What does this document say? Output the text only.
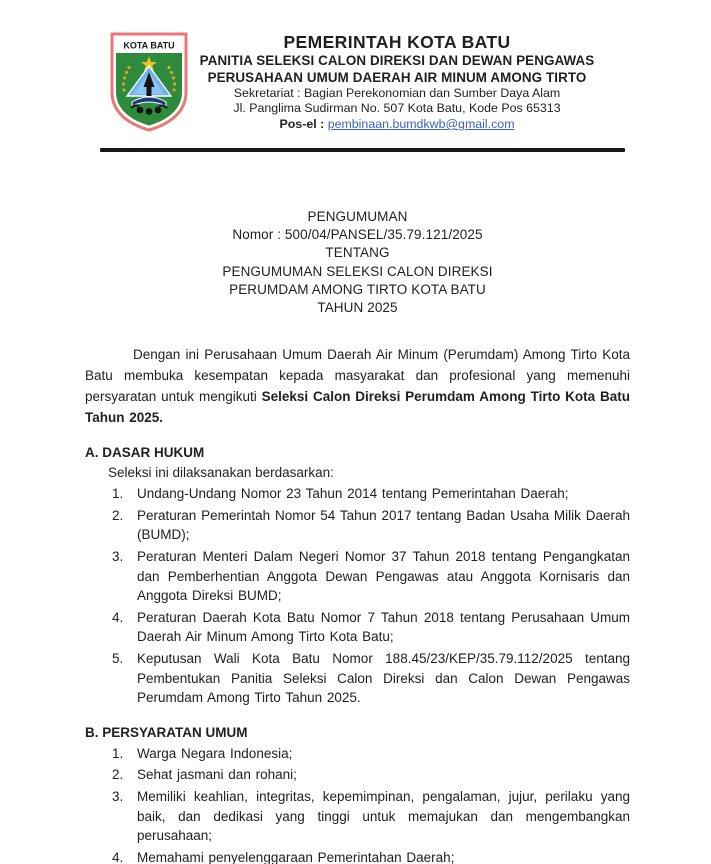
KOTA BATU	PEMERINTAH KOTA BATU
PANITIA SELEKSI CALON DIREKSI DAN DEWAN PENGAWAS
PERUSAHAAN UMUM DAERAH AIR MINUM AMONG TIRTO
Sekretariat : Bagian Perekonomian dan Sumber Daya Alam
Jl. Panglima Sudirman No. 507 Kota Batu, Kode Pos 65313
Pos-el : pembinaan.bumdkwb@gmail.com
PENGUMUMAN
Nomor : 500/04/PANSEL/35.79.121/2025
TENTANG
PENGUMUMAN SELEKSI CALON DIREKSI
PERUMDAM AMONG TIRTO KOTA BATU
TAHUN 2025

Dengan ini Perusahaan Umum Daerah Air Minum (Perumdam) Among Tirto Kota Batu membuka kesempatan kepada masyarakat dan profesional yang memenuhi persyaratan untuk mengikuti Seleksi Calon Direksi Perumdam Among Tirto Kota Batu Tahun 2025.

A. DASAR HUKUM
Seleksi ini dilaksanakan berdasarkan:
1.	Undang-Undang Nomor 23 Tahun 2014 tentang Pemerintahan Daerah;
2.	Peraturan Pemerintah Nomor 54 Tahun 2017 tentang Badan Usaha Milik Daerah (BUMD);
3.	Peraturan Menteri Dalam Negeri Nomor 37 Tahun 2018 tentang Pengangkatan dan Pemberhentian Anggota Dewan Pengawas atau Anggota Kornisaris dan Anggota Direksi BUMD;
4.	Peraturan Daerah Kota Batu Nomor 7 Tahun 2018 tentang Perusahaan Umum Daerah Air Minum Among Tirto Kota Batu;
5.	Keputusan Wali Kota Batu Nomor 188.45/23/KEP/35.79.112/2025 tentang Pembentukan Panitia Seleksi Calon Direksi dan Calon Dewan Pengawas Perumdam Among Tirto Tahun 2025.
B. PERSYARATAN UMUM
1.	Warga Negara Indonesia;
2.	Sehat jasmani dan rohani;
3.	Memiliki keahlian, integritas, kepemimpinan, pengalaman, jujur, perilaku yang baik, dan dedikasi yang tinggi untuk memajukan dan mengembangkan perusahaan;
4.	Memahami penyelenggaraan Pemerintahan Daerah;
